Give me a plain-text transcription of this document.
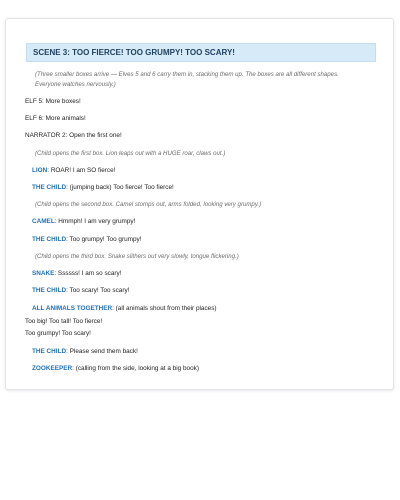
SCENE 3: TOO FIERCE! TOO GRUMPY! TOO SCARY!
(Three smaller boxes arrive — Elves 5 and 6 carry them in, stacking them up. The boxes are all different shapes.
Everyone watches nervously.)
ELF 5: More boxes!
ELF 6: More animals!
NARRATOR 2: Open the first one!
(Child opens the first box. Lion leaps out with a HUGE roar, claws out.)
LION: ROAR! I am SO fierce!
THE CHILD: (jumping back) Too fierce! Too fierce!
(Child opens the second box. Camel stomps out, arms folded, looking very grumpy.)
CAMEL: Hmmph! I am very grumpy!
THE CHILD: Too grumpy! Too grumpy!
(Child opens the third box. Snake slithers out very slowly, tongue flickering.)
SNAKE: Ssssss! I am so scary!
THE CHILD: Too scary! Too scary!
ALL ANIMALS TOGETHER: (all animals shout from their places)
Too big! Too tall! Too fierce!
Too grumpy! Too scary!
THE CHILD: Please send them back!
ZOOKEEPER: (calling from the side, looking at a big book)
